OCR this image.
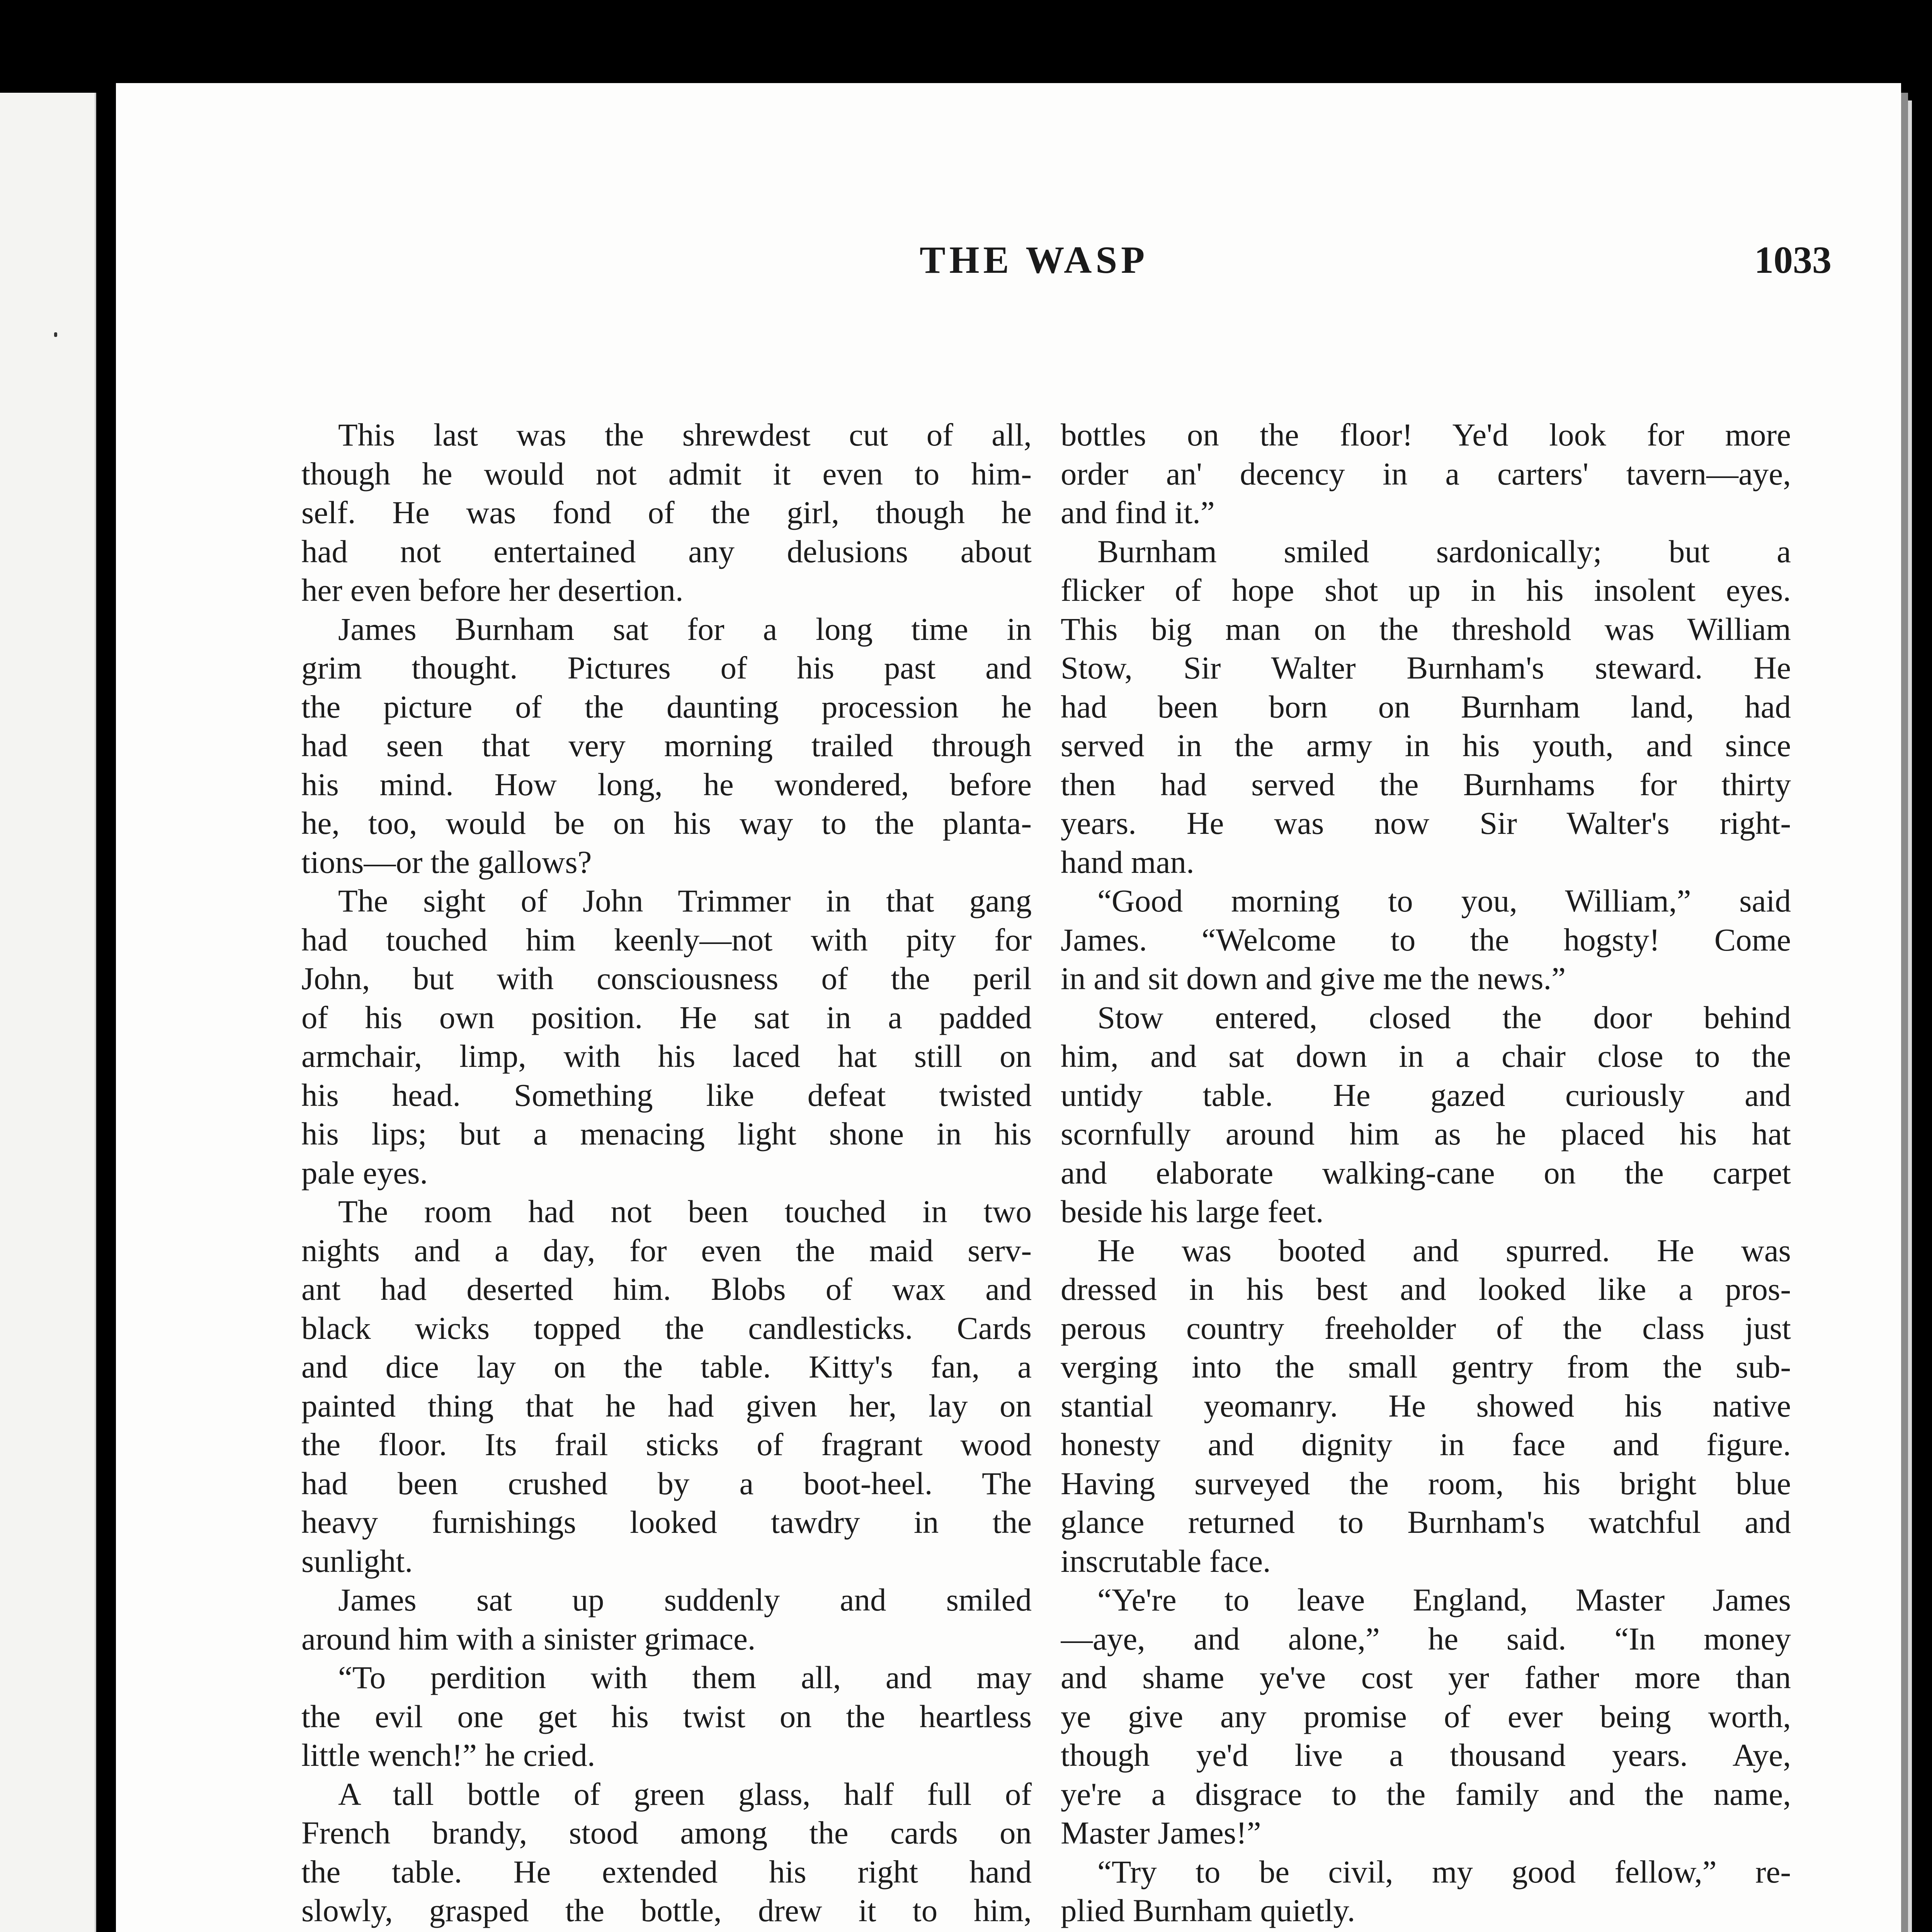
THE WASP	1033
This last was the shrewdest cut of all,
though he would not admit it even to him-
self. He was fond of the girl, though he
had not entertained any delusions about
her even before her desertion.
James Burnham sat for a long time in
grim thought. Pictures of his past and
the picture of the daunting procession he
had seen that very morning trailed through
his mind. How long, he wondered, before
he, too, would be on his way to the planta-
tions—or the gallows?
The sight of John Trimmer in that gang
had touched him keenly—not with pity for
John, but with consciousness of the peril
of his own position. He sat in a padded
armchair, limp, with his laced hat still on
his head. Something like defeat twisted
his lips; but a menacing light shone in his
pale eyes.
The room had not been touched in two
nights and a day, for even the maid serv-
ant had deserted him. Blobs of wax and
black wicks topped the candlesticks. Cards
and dice lay on the table. Kitty's fan, a
painted thing that he had given her, lay on
the floor. Its frail sticks of fragrant wood
had been crushed by a boot-heel. The
heavy furnishings looked tawdry in the
sunlight.
James sat up suddenly and smiled
around him with a sinister grimace.
“To perdition with them all, and may
the evil one get his twist on the heartless
little wench!” he cried.
A tall bottle of green glass, half full of
French brandy, stood among the cards on
the table. He extended his right hand
slowly, grasped the bottle, drew it to him,
bottles on the floor! Ye'd look for more
order an' decency in a carters' tavern—aye,
and find it.”
Burnham smiled sardonically; but a
flicker of hope shot up in his insolent eyes.
This big man on the threshold was William
Stow, Sir Walter Burnham's steward. He
had been born on Burnham land, had
served in the army in his youth, and since
then had served the Burnhams for thirty
years. He was now Sir Walter's right-
hand man.
“Good morning to you, William,” said
James. “Welcome to the hogsty! Come
in and sit down and give me the news.”
Stow entered, closed the door behind
him, and sat down in a chair close to the
untidy table. He gazed curiously and
scornfully around him as he placed his hat
and elaborate walking-cane on the carpet
beside his large feet.
He was booted and spurred. He was
dressed in his best and looked like a pros-
perous country freeholder of the class just
verging into the small gentry from the sub-
stantial yeomanry. He showed his native
honesty and dignity in face and figure.
Having surveyed the room, his bright blue
glance returned to Burnham's watchful and
inscrutable face.
“Ye're to leave England, Master James
—aye, and alone,” he said. “In money
and shame ye've cost yer father more than
ye give any promise of ever being worth,
though ye'd live a thousand years. Aye,
ye're a disgrace to the family and the name,
Master James!”
“Try to be civil, my good fellow,” re-
plied Burnham quietly.
